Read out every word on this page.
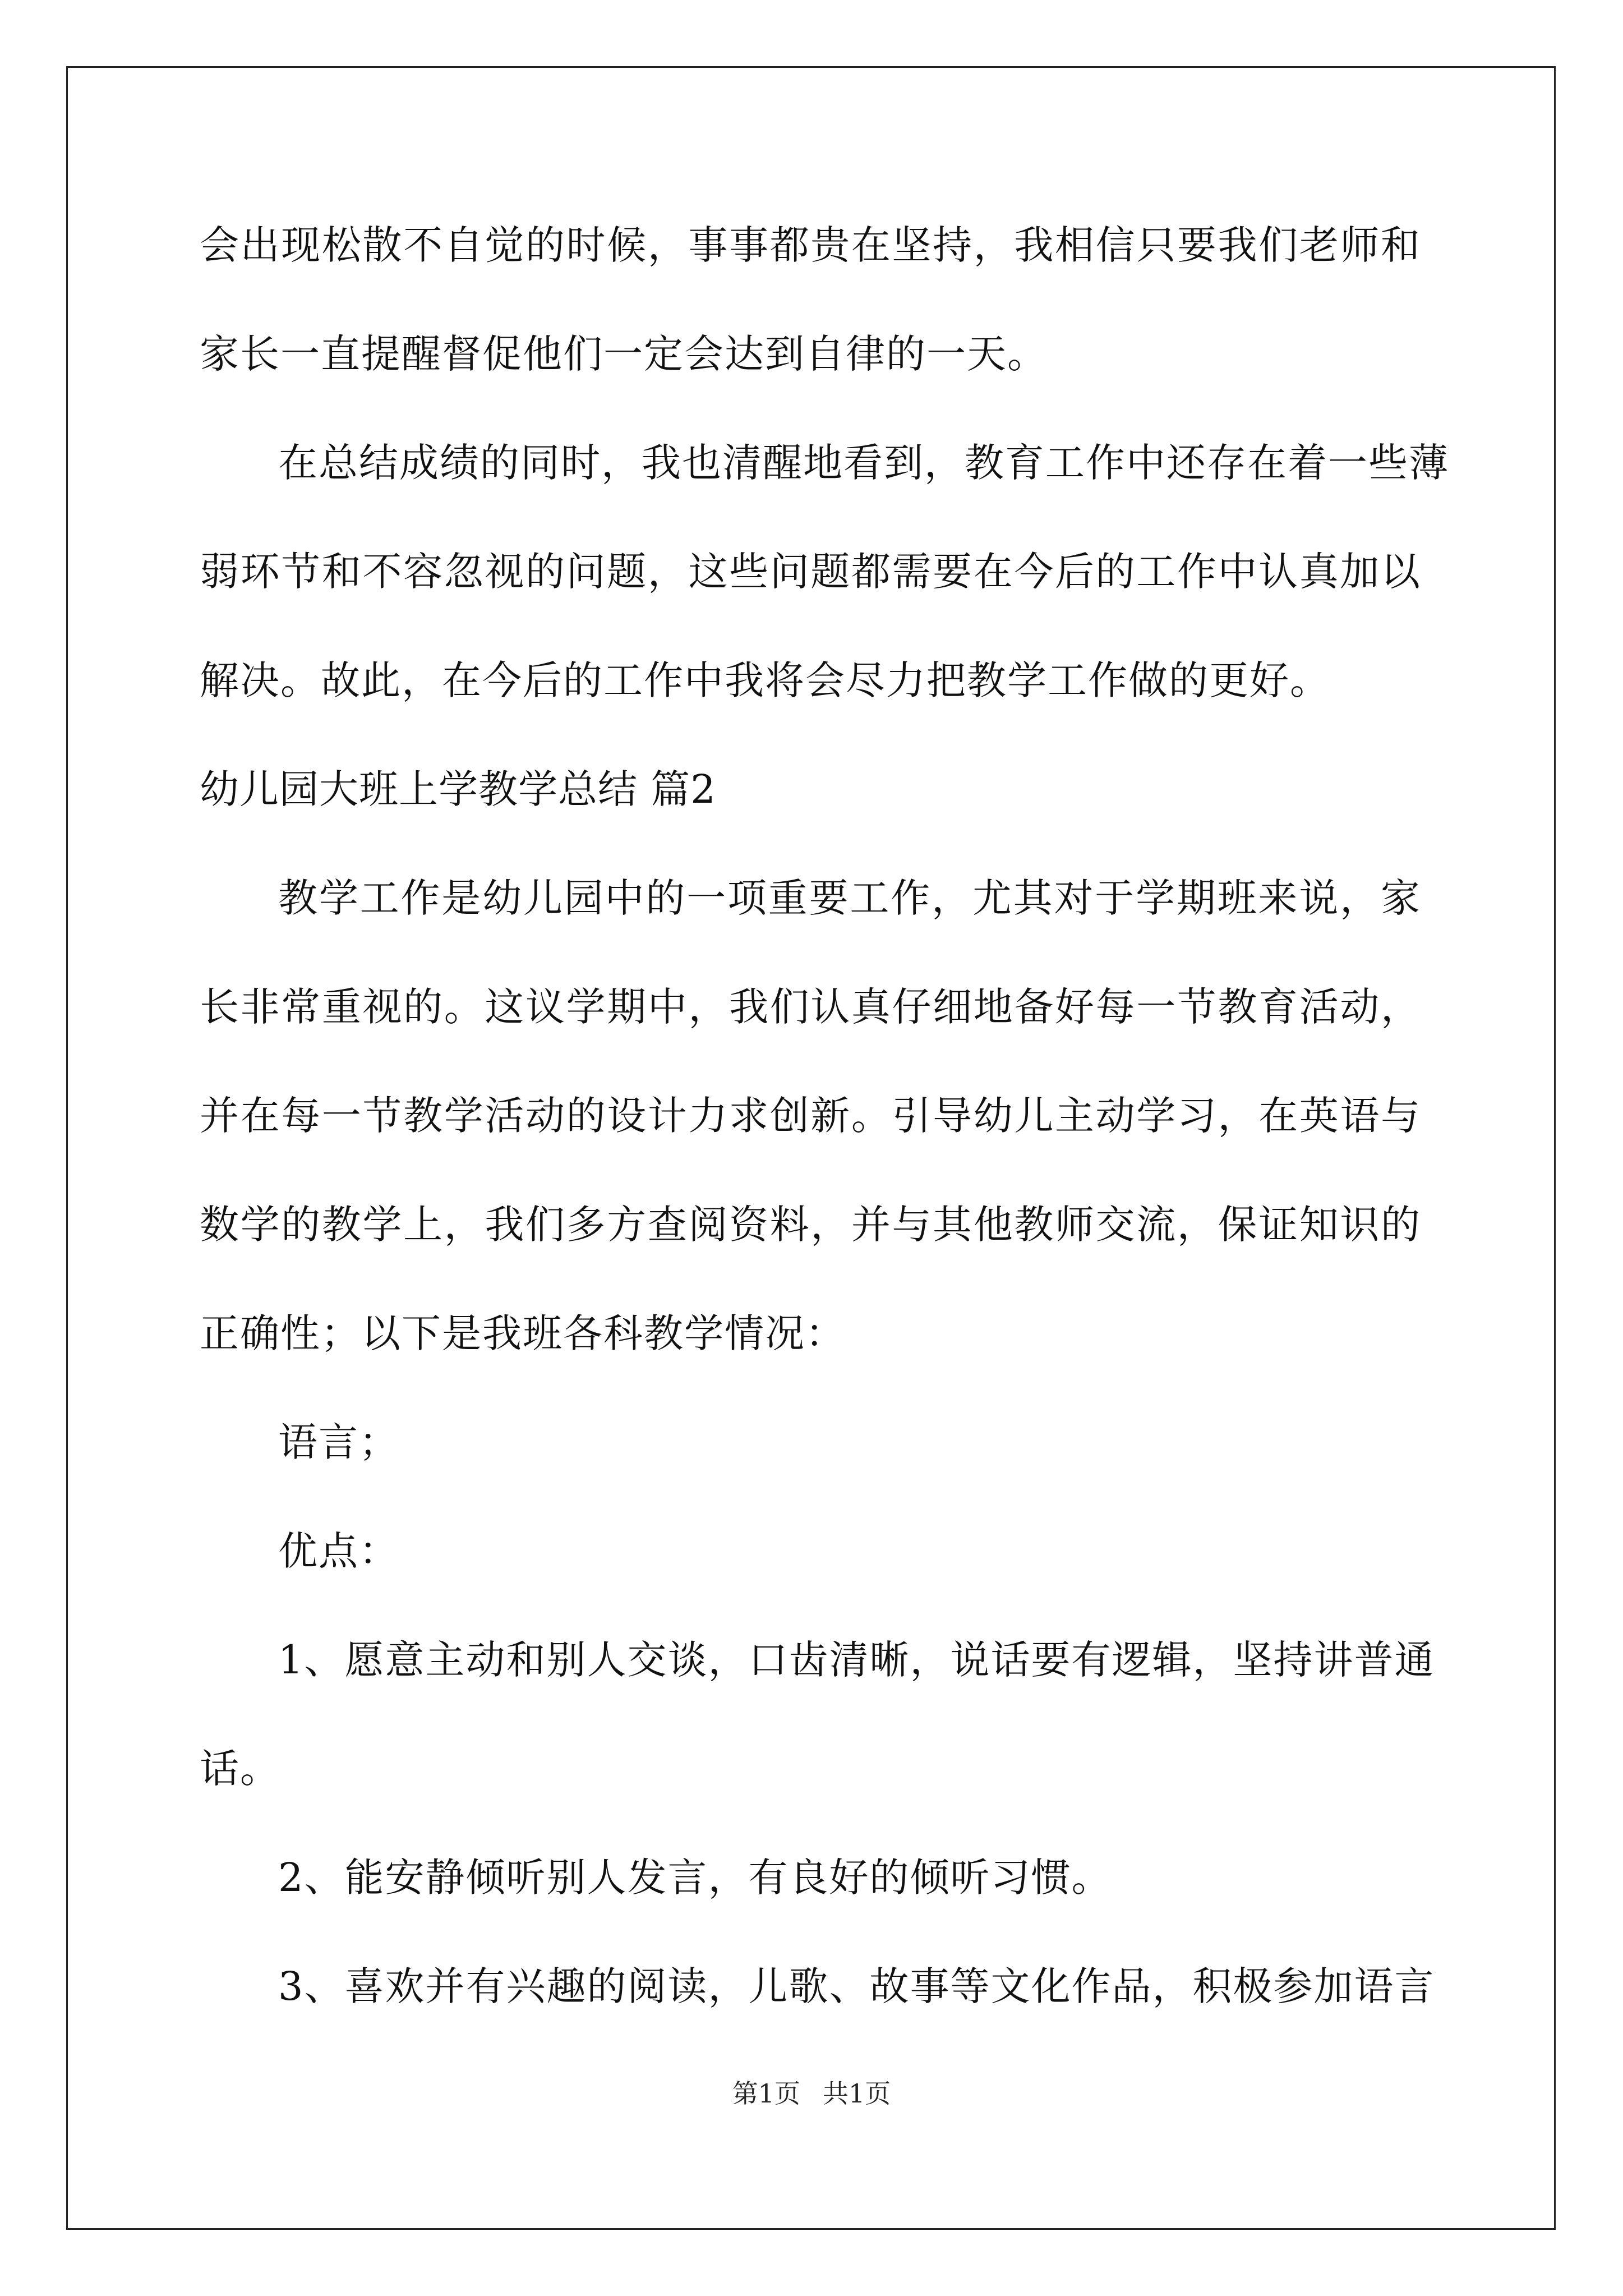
会出现松散不自觉的时候，事事都贵在坚持，我相信只要我们老师和
家长一直提醒督促他们一定会达到自律的一天。
在总结成绩的同时，我也清醒地看到，教育工作中还存在着一些薄
弱环节和不容忽视的问题，这些问题都需要在今后的工作中认真加以
解决。故此，在今后的工作中我将会尽力把教学工作做的更好。
幼儿园大班上学教学总结 篇2
教学工作是幼儿园中的一项重要工作，尤其对于学期班来说，家
长非常重视的。这议学期中，我们认真仔细地备好每一节教育活动，
并在每一节教学活动的设计力求创新。引导幼儿主动学习，在英语与
数学的教学上，我们多方查阅资料，并与其他教师交流，保证知识的
正确性；以下是我班各科教学情况：
语言；
优点：
1、愿意主动和别人交谈，口齿清晰，说话要有逻辑，坚持讲普通
话。
2、能安静倾听别人发言，有良好的倾听习惯。
3、喜欢并有兴趣的阅读，儿歌、故事等文化作品，积极参加语言
第1页 共1页
